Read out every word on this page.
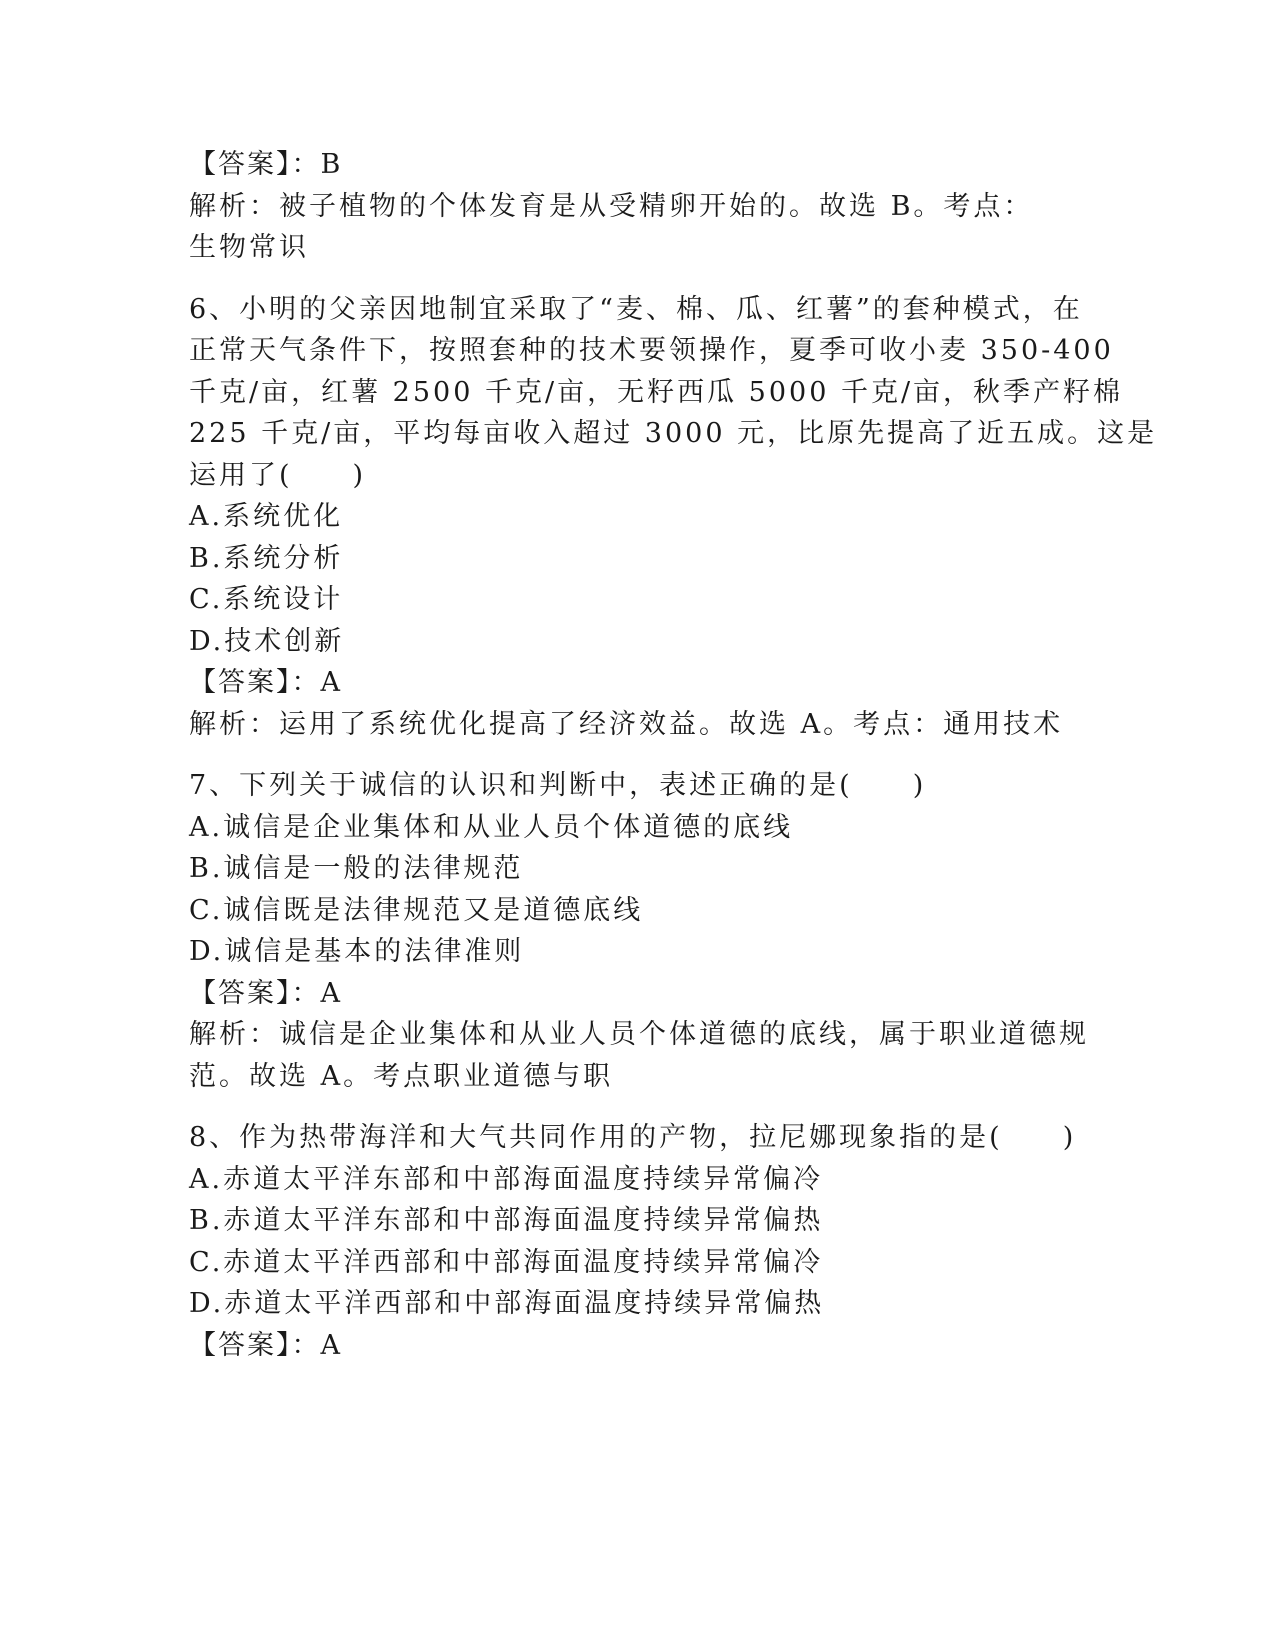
【答案】：B
解析：被子植物的个体发育是从受精卵开始的。故选 B。考点：生物常识
6、小明的父亲因地制宜采取了“麦、棉、瓜、红薯”的套种模式，在
正常天气条件下，按照套种的技术要领操作，夏季可收小麦 350-400
千克/亩，红薯 2500 千克/亩，无籽西瓜 5000 千克/亩，秋季产籽棉
225 千克/亩，平均每亩收入超过 3000 元，比原先提高了近五成。这是
运用了(　　)
A.系统优化
B.系统分析
C.系统设计
D.技术创新
【答案】：A
解析：运用了系统优化提高了经济效益。故选 A。考点：通用技术
7、下列关于诚信的认识和判断中，表述正确的是(　　)
A.诚信是企业集体和从业人员个体道德的底线
B.诚信是一般的法律规范
C.诚信既是法律规范又是道德底线
D.诚信是基本的法律准则
【答案】：A
解析：诚信是企业集体和从业人员个体道德的底线，属于职业道德规
范。故选 A。考点职业道德与职
8、作为热带海洋和大气共同作用的产物，拉尼娜现象指的是(　　)
A.赤道太平洋东部和中部海面温度持续异常偏冷
B.赤道太平洋东部和中部海面温度持续异常偏热
C.赤道太平洋西部和中部海面温度持续异常偏冷
D.赤道太平洋西部和中部海面温度持续异常偏热
【答案】：A
